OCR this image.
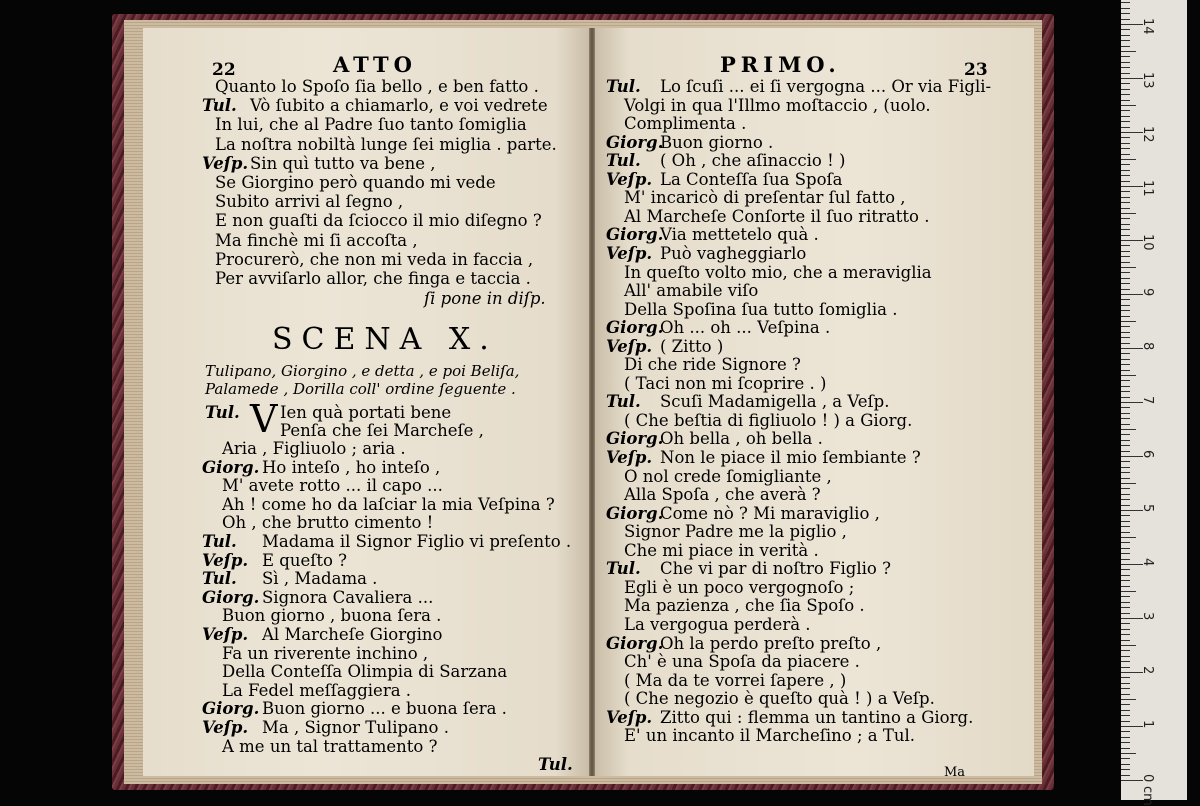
22	ATTO	PRIMO.	23
Quanto lo Spoſo ſia bello , e ben fatto .
Tul. Vò ſubito a chiamarlo, e voi vedrete
In lui, che al Padre ſuo tanto ſomiglia
La noſtra nobiltà lunge ſei miglia . parte.
Veſp. Sin quì tutto va bene ,
Se Giorgino però quando mi vede
Subito arrivi al ſegno ,
E non guaſti da ſciocco il mio diſegno ?
Ma finchè mi ſi accoſta ,
Procurerò, che non mi veda in faccia ,
Per avviſarlo allor, che finga e taccia .
ſi pone in diſp.
SCENA X.
Tulipano, Giorgino , e detta , e poi Beliſa,
Palamede , Dorilla coll' ordine ſeguente .
Tul. V Ien quà portati bene
Penſa che ſei Marcheſe ,
Aria , Figliuolo ; aria .
Giorg. Ho inteſo , ho inteſo ,
M' avete rotto ... il capo ...
Ah ! come ho da laſciar la mia Veſpina ?
Oh , che brutto cimento !
Tul. Madama il Signor Figlio vi preſento .
Veſp. E queſto ?
Tul. Sì , Madama .
Giorg. Signora Cavaliera ...
Buon giorno , buona ſera .
Veſp. Al Marcheſe Giorgino
Fa un riverente inchino ,
Della Conteſſa Olimpia di Sarzana
La Fedel meſſaggiera .
Giorg. Buon giorno ... e buona ſera .
Veſp. Ma , Signor Tulipano .
A me un tal trattamento ?
Tul.
Tul. Lo ſcuſi ... ei ſi vergogna ... Or via Figli-
Volgi in qua l'Illmo moſtaccio , (uolo.
Complimenta .
Giorg.
Buon giorno .
Tul. ( Oh , che aſinaccio ! )
Veſp. La Conteſſa ſua Spoſa
M' incaricò di preſentar ſul fatto ,
Al Marcheſe Conſorte il ſuo ritratto .
Giorg.
Via mettetelo quà .
Veſp. Può vagheggiarlo
In queſto volto mio, che a meraviglia
All' amabile viſo
Della Spoſina ſua tutto ſomiglia .
Giorg.
Oh ... oh ... Veſpina .
Veſp. ( Zitto )
Di che ride Signore ?
( Taci non mi ſcoprire . )
Tul. Scuſi Madamigella , a Veſp.
( Che beſtia di figliuolo ! ) a Giorg.
Giorg.
Oh bella , oh bella .
Veſp. Non le piace il mio ſembiante ?
O nol crede ſomigliante ,
Alla Spoſa , che averà ?
Giorg.
Come nò ? Mi maraviglio ,
Signor Padre me la piglio ,
Che mi piace in verità .
Tul. Che vi par di noſtro Figlio ?
Egli è un poco vergognoſo ;
Ma pazienza , che ſia Spoſo .
La vergogua perderà .
Giorg.
Oh la perdo preſto preſto ,
Ch' è una Spoſa da piacere .
( Ma da te vorrei ſapere , )
( Che negozio è queſto quà ! ) a Veſp.
Veſp. Zitto qui : flemma un tantino a Giorg.
E' un incanto il Marcheſino ; a Tul.
Ma	0
1
2
3
4
5
6
7
8
9
10
11
12
13
14
cm
